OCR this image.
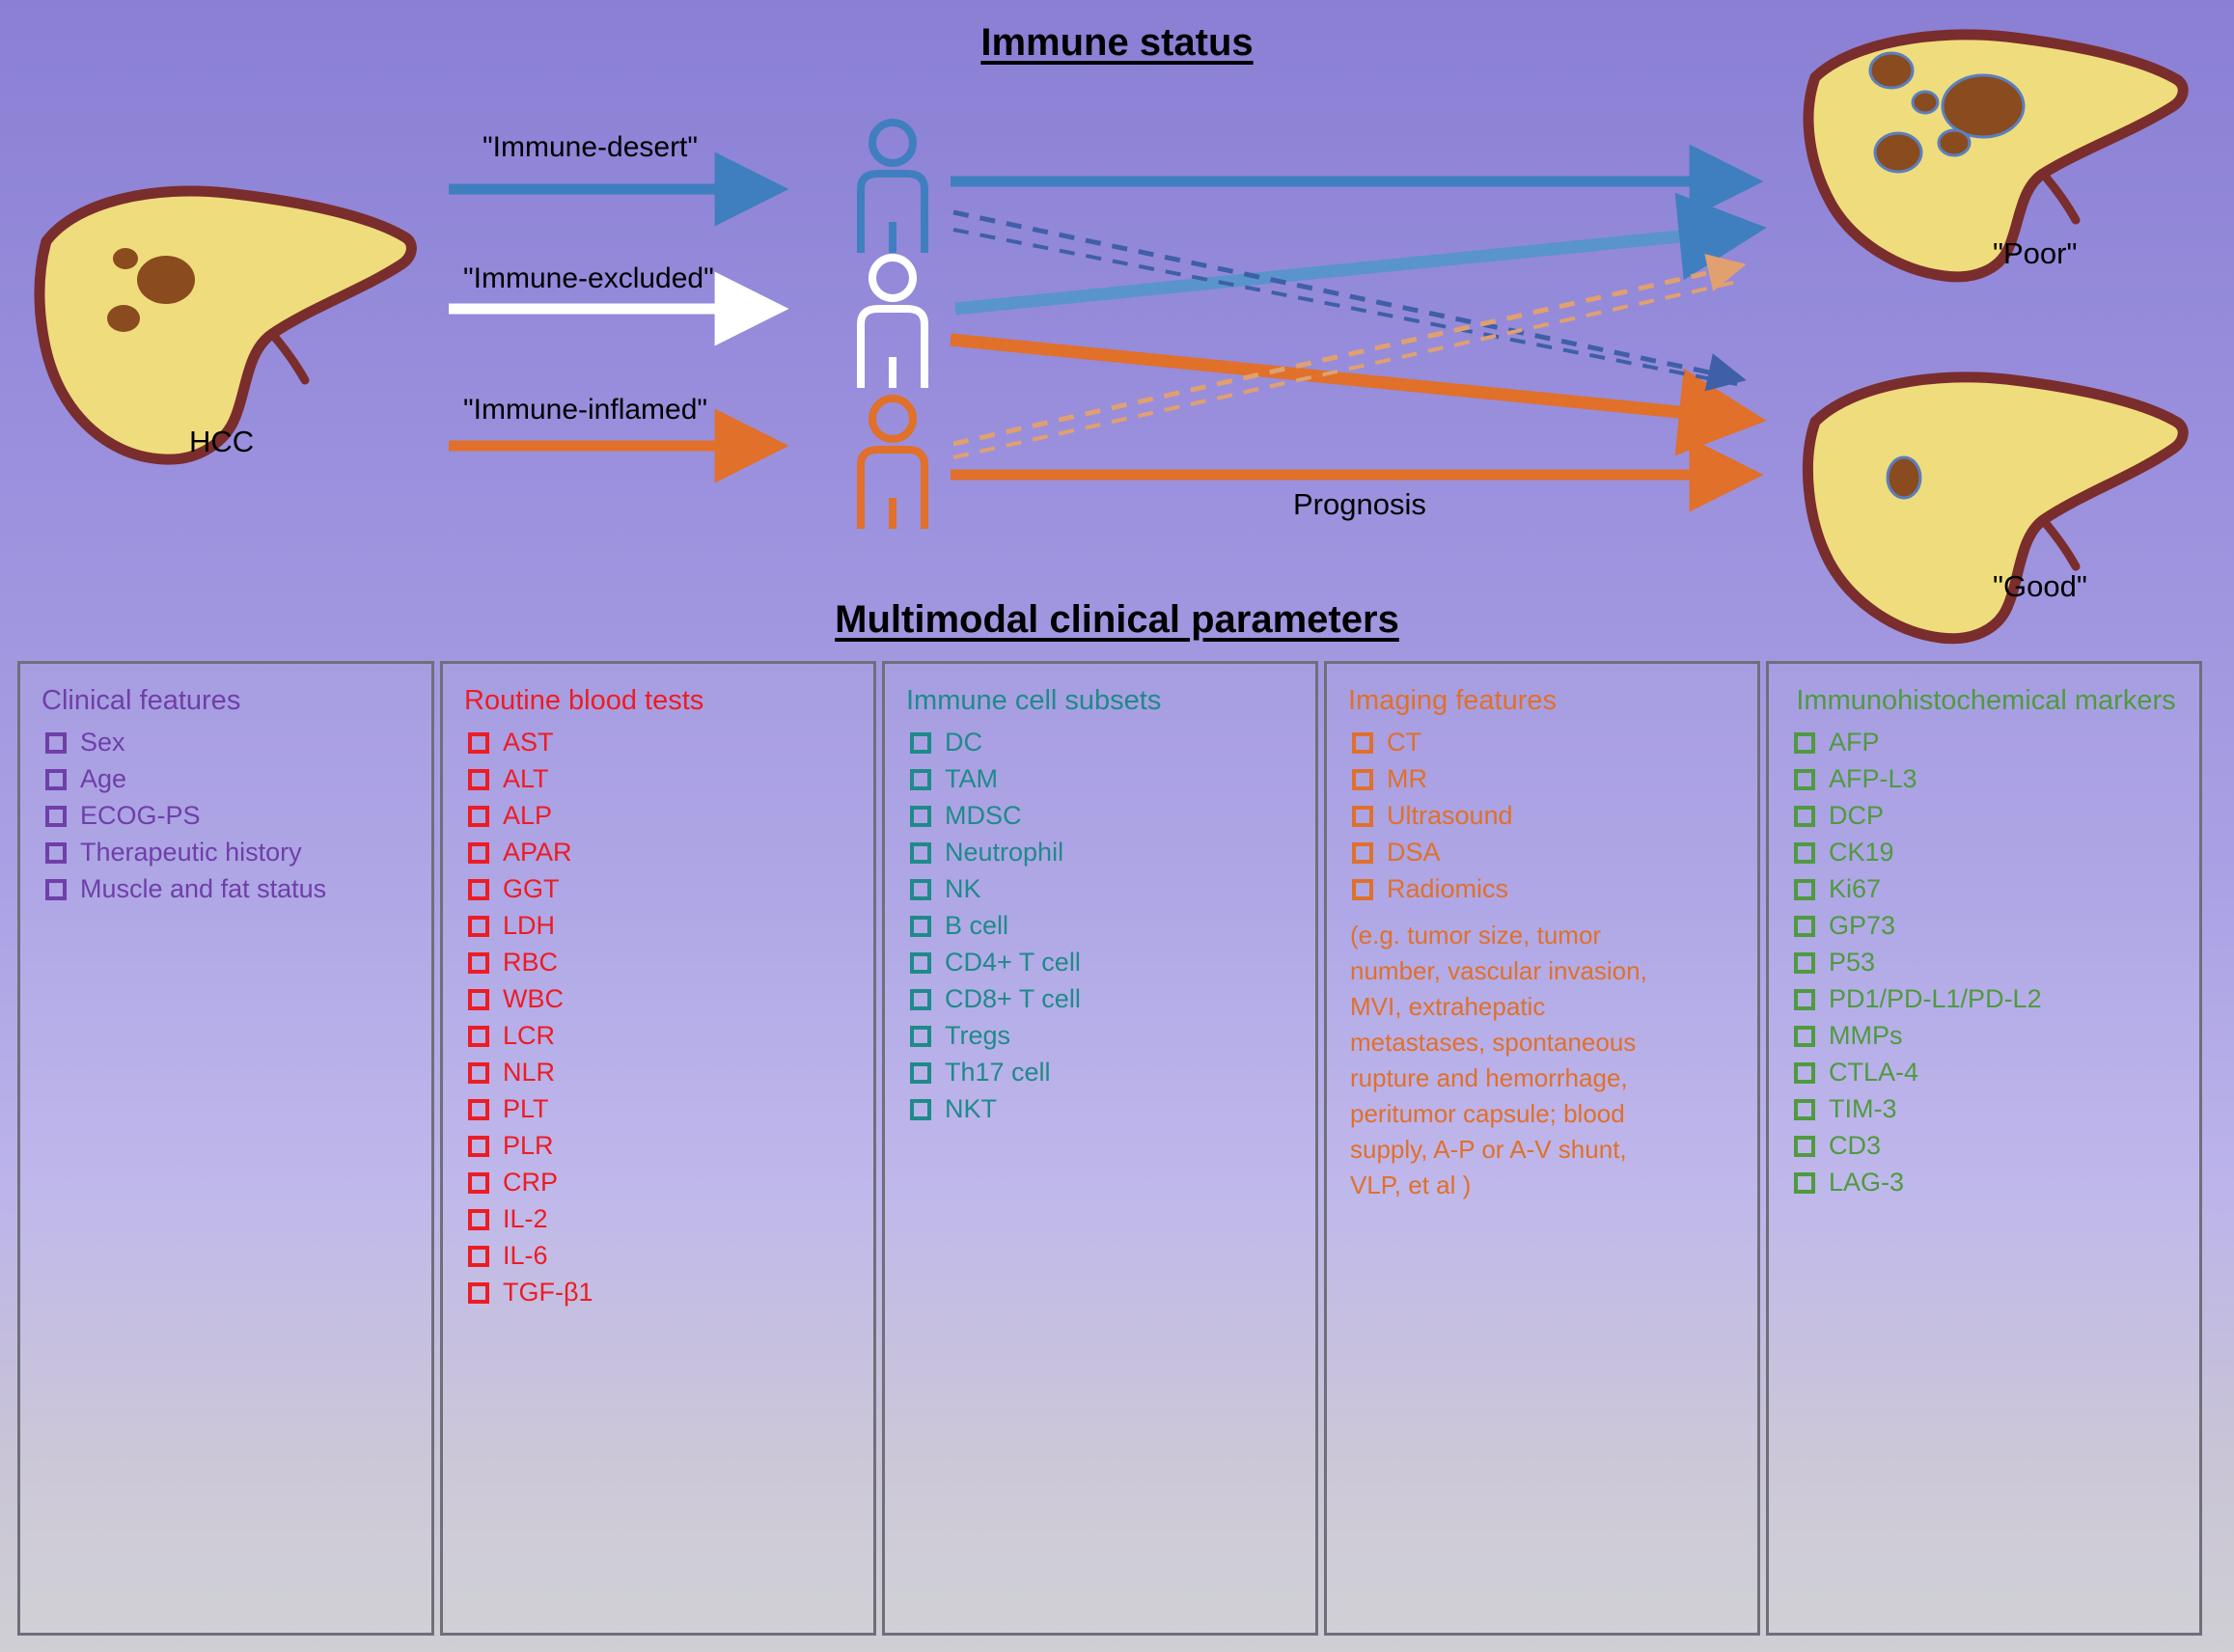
Immune status
Multimodal clinical parameters
HCC
"Immune-desert"
"Immune-excluded"
"Immune-inflamed"
Prognosis
"Poor"
"Good"
Clinical features
Sex
Age
ECOG-PS
Therapeutic history
Muscle and fat status
Routine blood tests
AST
ALT
ALP
APAR
GGT
LDH
RBC
WBC
LCR
NLR
PLT
PLR
CRP
IL-2
IL-6
TGF-β1
Immune cell subsets
DC
TAM
MDSC
Neutrophil
NK
B cell
CD4+ T cell
CD8+ T cell
Tregs
Th17 cell
NKT
Imaging features
CT
MR
Ultrasound
DSA
Radiomics
(e.g. tumor size, tumor number, vascular invasion, MVI, extrahepatic metastases, spontaneous rupture and hemorrhage, peritumor capsule; blood supply, A-P or A-V shunt, VLP, et al )
Immunohistochemical markers
AFP
AFP-L3
DCP
CK19
Ki67
GP73
P53
PD1/PD-L1/PD-L2
MMPs
CTLA-4
TIM-3
CD3
LAG-3
